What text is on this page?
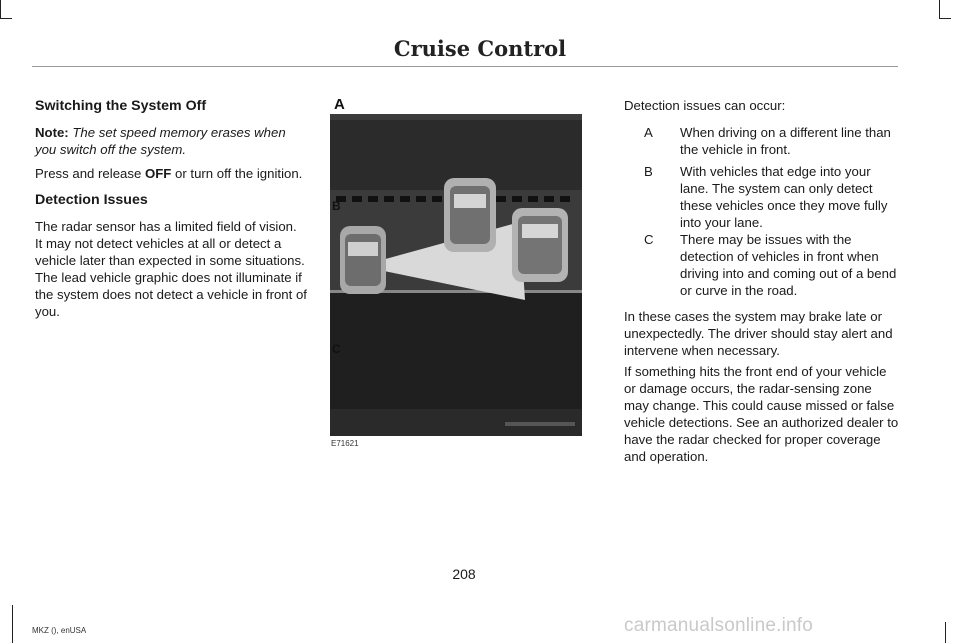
Cruise Control

Switching the System Off

Note: The set speed memory erases when you switch off the system.

Press and release OFF or turn off the ignition.

Detection Issues

The radar sensor has a limited field of vision. It may not detect vehicles at all or detect a vehicle later than expected in some situations. The lead vehicle graphic does not illuminate if the system does not detect a vehicle in front of you.

A
B
C
E71621

Detection issues can occur:

A When driving on a different line than the vehicle in front.
B With vehicles that edge into your lane. The system can only detect these vehicles once they move fully into your lane.
C There may be issues with the detection of vehicles in front when driving into and coming out of a bend or curve in the road.

In these cases the system may brake late or unexpectedly. The driver should stay alert and intervene when necessary.

If something hits the front end of your vehicle or damage occurs, the radar-sensing zone may change. This could cause missed or false vehicle detections. See an authorized dealer to have the radar checked for proper coverage and operation.

208
MKZ (), enUSA	carmanualsonline.info
